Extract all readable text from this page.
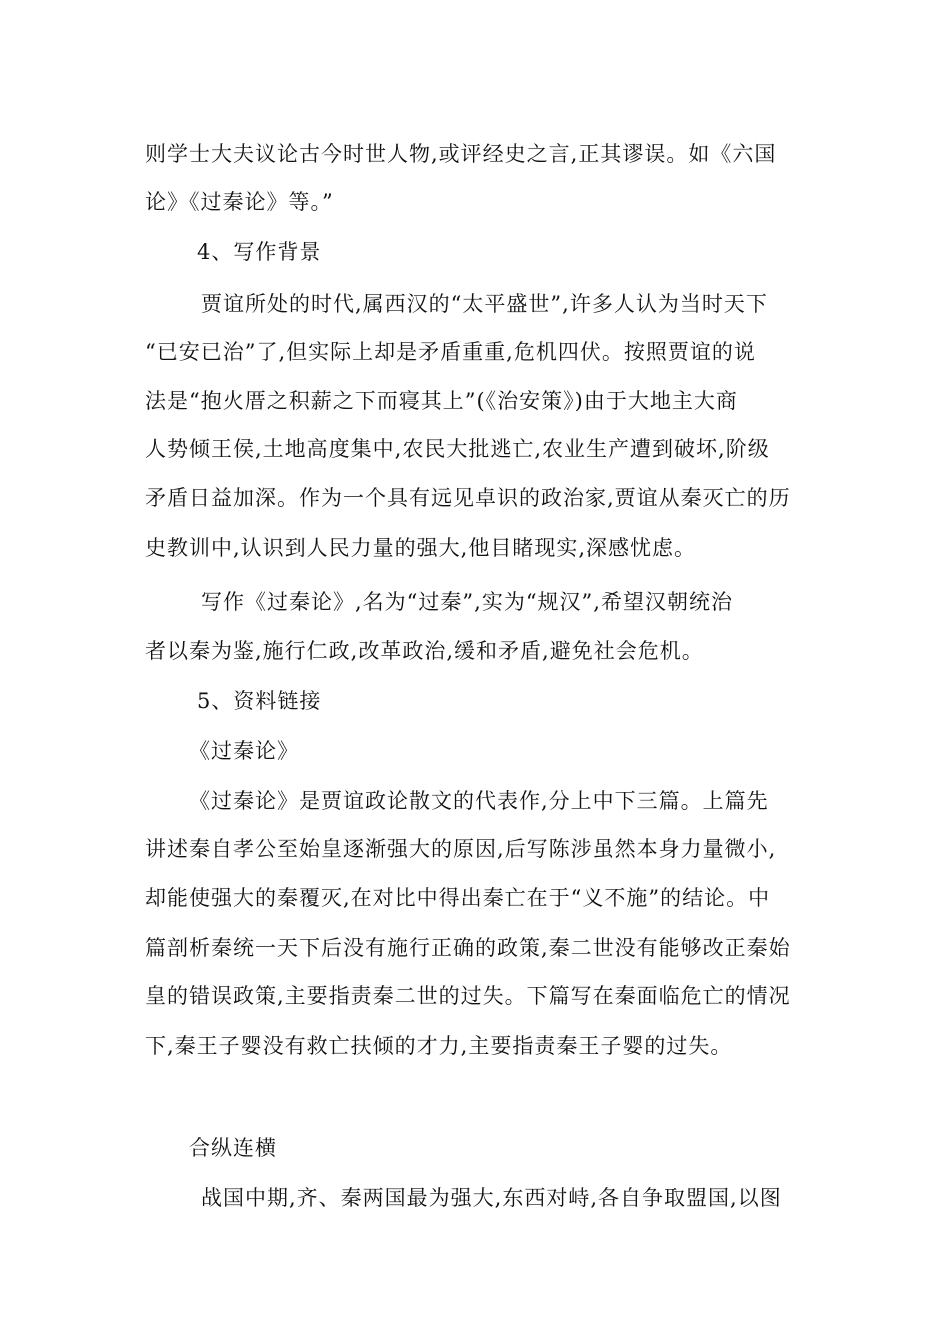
则学士大夫议论古今时世人物,或评经史之言,正其谬误。如《六国
论》《过秦论》等。”
4、写作背景
贾谊所处的时代,属西汉的“太平盛世”,许多人认为当时天下
“已安已治”了,但实际上却是矛盾重重,危机四伏。按照贾谊的说
法是“抱火厝之积薪之下而寝其上”(《治安策》)由于大地主大商
人势倾王侯,土地高度集中,农民大批逃亡,农业生产遭到破坏,阶级
矛盾日益加深。作为一个具有远见卓识的政治家,贾谊从秦灭亡的历
史教训中,认识到人民力量的强大,他目睹现实,深感忧虑。
写作《过秦论》,名为“过秦”,实为“规汉”,希望汉朝统治
者以秦为鉴,施行仁政,改革政治,缓和矛盾,避免社会危机。
5、资料链接
《过秦论》
《过秦论》是贾谊政论散文的代表作,分上中下三篇。上篇先
讲述秦自孝公至始皇逐渐强大的原因,后写陈涉虽然本身力量微小,
却能使强大的秦覆灭,在对比中得出秦亡在于“义不施”的结论。中
篇剖析秦统一天下后没有施行正确的政策,秦二世没有能够改正秦始
皇的错误政策,主要指责秦二世的过失。下篇写在秦面临危亡的情况
下,秦王子婴没有救亡扶倾的才力,主要指责秦王子婴的过失。
合纵连横
战国中期,齐、秦两国最为强大,东西对峙,各自争取盟国,以图
